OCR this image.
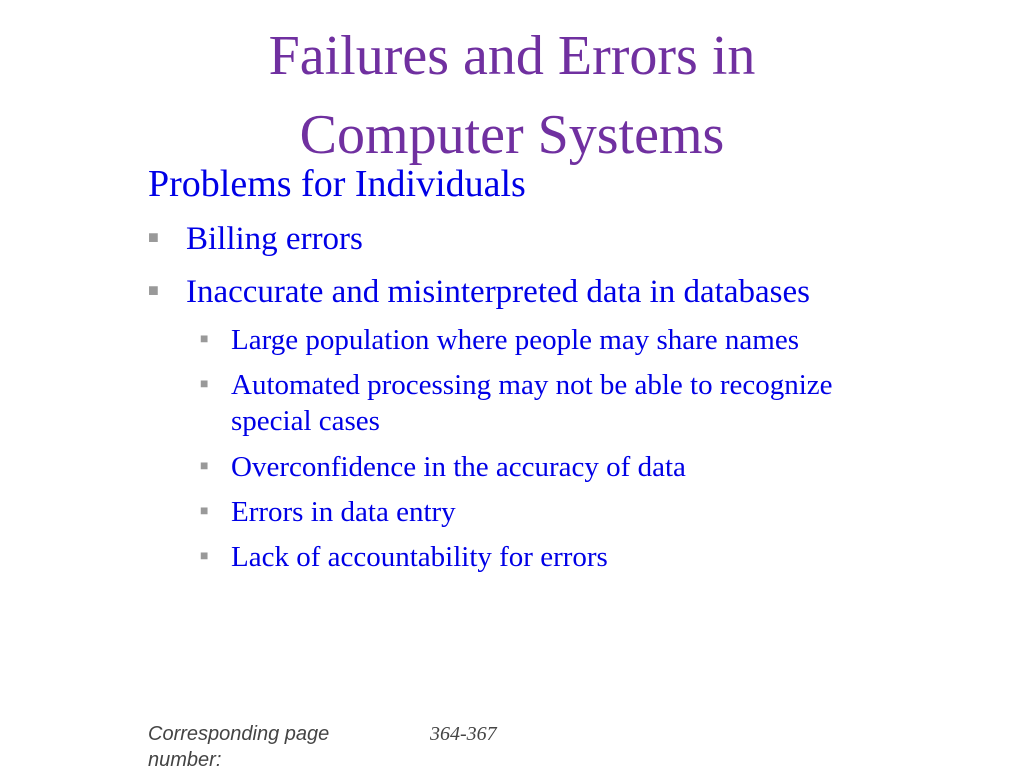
Failures and Errors in
Computer Systems
Problems for Individuals
■ Billing errors
■ Inaccurate and misinterpreted data in databases
■ Large population where people may share names
■ Automated processing may not be able to recognize
special cases
■ Overconfidence in the accuracy of data
■ Errors in data entry
■ Lack of accountability for errors
Corresponding page number:
364-367
